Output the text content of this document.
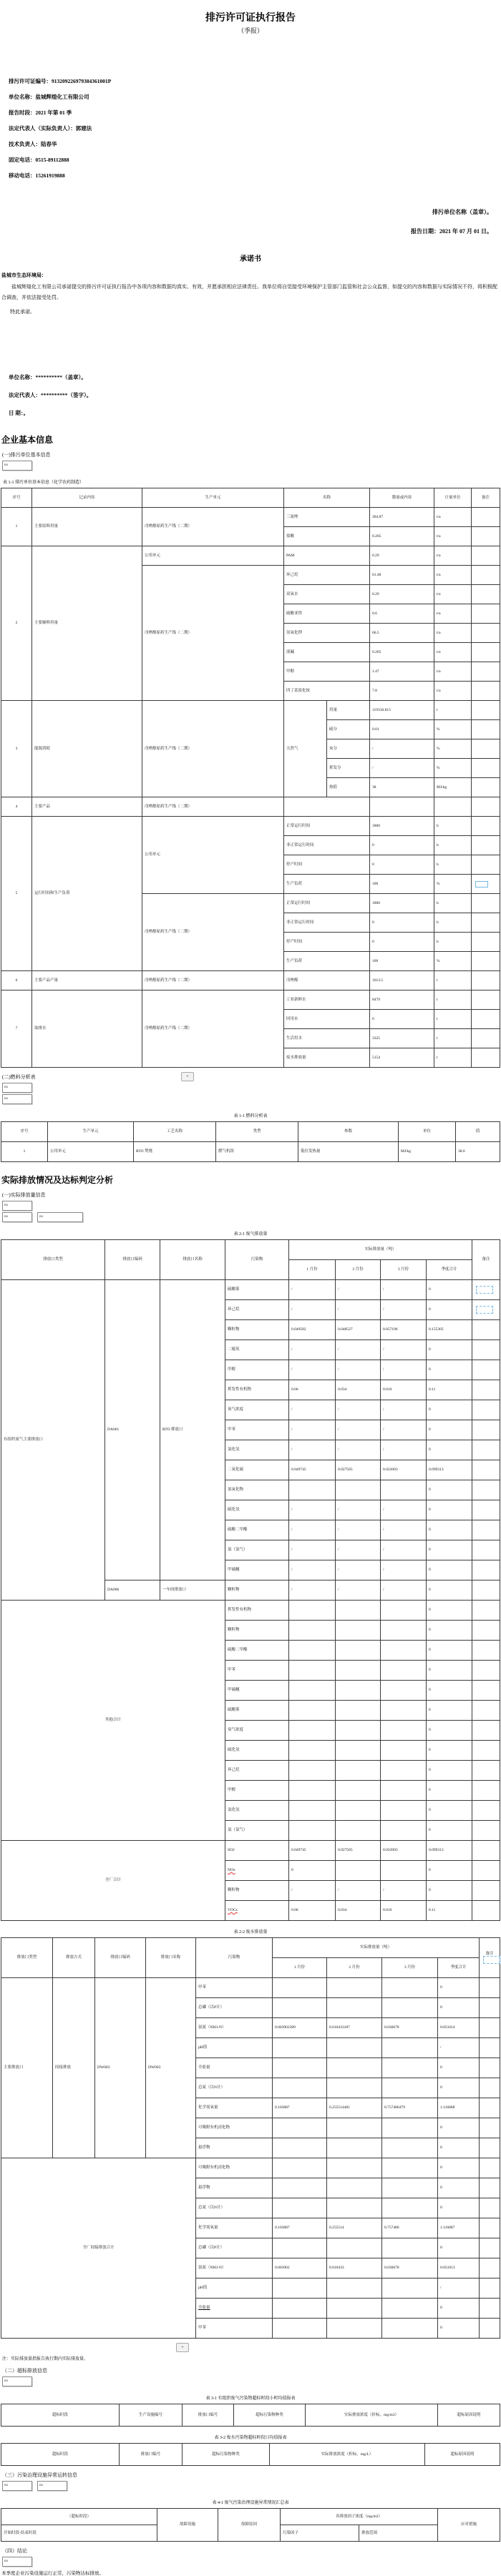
排污许可证执行报告
（季报）
排污许可证编号：913209226979384361001P
单位名称：盐城辉煌化工有限公司
报告时段：2021 年第 01 季
法定代表人（实际负责人）：郭建法
技术负责人：陆春华
固定电话：0515-89112888
移动电话：15261919888
排污单位名称（盖章）。
报告日期：2021 年 07 月 01 日。
承诺书
盐城市生态环境局：
盐城辉煌化工有限公司承诺提交的排污许可证执行报告中各项内容和数据均真实、有效，并愿承担相应法律责任。我单位将自觉接受环境保护主管部门监管和社会公众监督，如提交的内容和数据与实际情况不符，将积极配合调查，并依法接受处罚。
特此承诺。
单位名称：**********（盖章）。
法定代表人：**********（签字）。
日 期：。
企业基本信息
(一)排污单位基本信息
no
表 1-1 排污单位基本信息（化学农药制造）
序号	记录内容	生产单元	名称		数量或内容	计量单位	备注
1	主要原料用量	戊唑醇原药生产线（二期）	三氮唑		304.87	t/a	
			盐酸		0.205	t/a	
2	主要辅料用量	公用单元	PAM		0.29	t/a	
		戊唑醇原药生产线（二期）	环己烷		61.48	t/a	
			双氧水		0.29	t/a	
			硫酸亚铁		0.6	t/a	
			氢氧化钾		66.5	t/a	
			液碱		0.205	t/a	
			甲醇		1.47	t/a	
			四丁基溴化铵		7.8	t/a	
3	能源消耗	戊唑醇原药生产线（二期）	天然气	用量	119316.815	t	
				硫分	0.01	%	
				灰分	/	%	
				挥发分	/	%	
				热值	38	MJ/kg	
4	主要产品	戊唑醇原药生产线（二期）					
5	运行时间和生产负荷	公用单元	正常运行时间		1800	h	
			非正常运行时间		0	h	
			停产时间		0	h	
			生产负荷		100	%	
		戊唑醇原药生产线（二期）	正常运行时间		1800	h	
			非正常运行时间		0	h	
			停产时间		0	h	
			生产负荷		100	%	
6	主要产品产量	戊唑醇原药生产线（二期）	戊唑醇		1013.5	t	
7	取排水	戊唑醇原药生产线（二期）	工业新鲜水		8479	t	
			回用水		0	t	
			生活用水		3325	t	
			废水排放量		5154	t	
(二)燃料分析表	+
no
no
表 1-1 燃料分析表
序号	生产单元	工艺名称	类型	参数	单位	值
1	公用单元	RTO 焚烧	燃气机组	低位发热量	MJ/kg	38.0
实际排放情况及达标判定分析
(一)实际排放量信息
no
no	no
表 2-1 废气排放量
排放口类型	排放口编码	排放口名称	污染物	实际排放量（吨）				备注
				1 月份	2 月份	3 月份	季度合计	
有组织废气主要排放口	DA001	RTO 排放口	硫酸雾	/	/	/	0	
			环己烷	/	/	/	0	
			颗粒物	0.049582	0.048527	0.057196	0.155305	
			二噁英	/	/	/	0	
			甲醇	/	/	/	0	
			挥发性有机物	0.06	0.034	0.016	0.11	
			臭气浓度	/	/	/	0	
			甲苯	/	/	/	0	
			氯化氢	/	/	/	0	
			二氧化硫	0.049745	0.027565	0.022003	0.099313	
			氮氧化物				0	
			硫化氢	/	/	/	0	
			硫酸二甲酯	/	/	/	0	
			氯（氯气）	/	/	/	0	
			甲硫醚	/	/	/	0	
	DA006	一车间排放口	颗粒物	/	/	/	0	
其他合计			挥发性有机物				0	
			颗粒物				0	
			硫酸二甲酯				0	
			甲苯				0	
			甲硫醚				0	
			硫酸雾				0	
			臭气浓度				0	
			硫化氢				0	
			环己烷				0	
			甲醇				0	
			氯化氢				0	
			氯（氯气）				0	
全厂合计			SO2	0.049745	0.027565	0.022003	0.099313	
			NOx	0			0	
			颗粒物	/	/	/	0	
			VOCs	0.06	0.034	0.016	0.11	
表 2-2 废水排放量
排放口类型	排放方式	排放口编码	排放口名称	污染物	实际排放量（吨）				备注
					1 月份	2 月份	3 月份	季度合计	
主要排放口	间接排放	DW003	DW003	甲苯				0	
				总磷（以P计）				0	
				氨氮（NH3-N）	0.003902389	0.010433187	0.036678	0.051014	
				pH值				/	
				全盐量				0	
				总氮（以N计）				0	
				化学需氧量	0.103887	0.255514481	0.757486479	1.116888	
				可吸附有机卤化物				0	
				悬浮物				0	
全厂间接排放合计				可吸附有机卤化物				0	
				悬浮物				0	
				总氮（以N计）				0	
				化学需氧量	0.103887	0.255514	0.757486	1.116887	
				总磷（以P计）				0	
				氨氮（NH3-N）	0.003902	0.010433	0.036678	0.051013	
				pH值				/	
				全盐量				0	
				甲苯				0	
+
注：实际排放量指报告执行期内实际排放量。
（二）超标排放信息
no
表 3-1 有组织废气污染物超标时段小时均值报表
超标时段	生产设施编号	排放口编号	超标污染物种类	实际排放浓度（折标，mg/m3）	超标原因说明
表 3-2 废水污染物超标时段日均值报表
超标时段	排放口编号	超标污染物种类	实际排放浓度（折标，mg/L）	超标原因说明
（三）污染治理设施异常运转信息
no	no
表 4-1 废气污染治理设施异常情况汇总表
（超标时段）	故障设施	故障原因	各排放因子浓度（mg/m3）		应对措施
开始时段-结束时段			污染因子	排放范围	
（四）结论
no
本季度企业污染设施运行正常，污染物达标排放。
